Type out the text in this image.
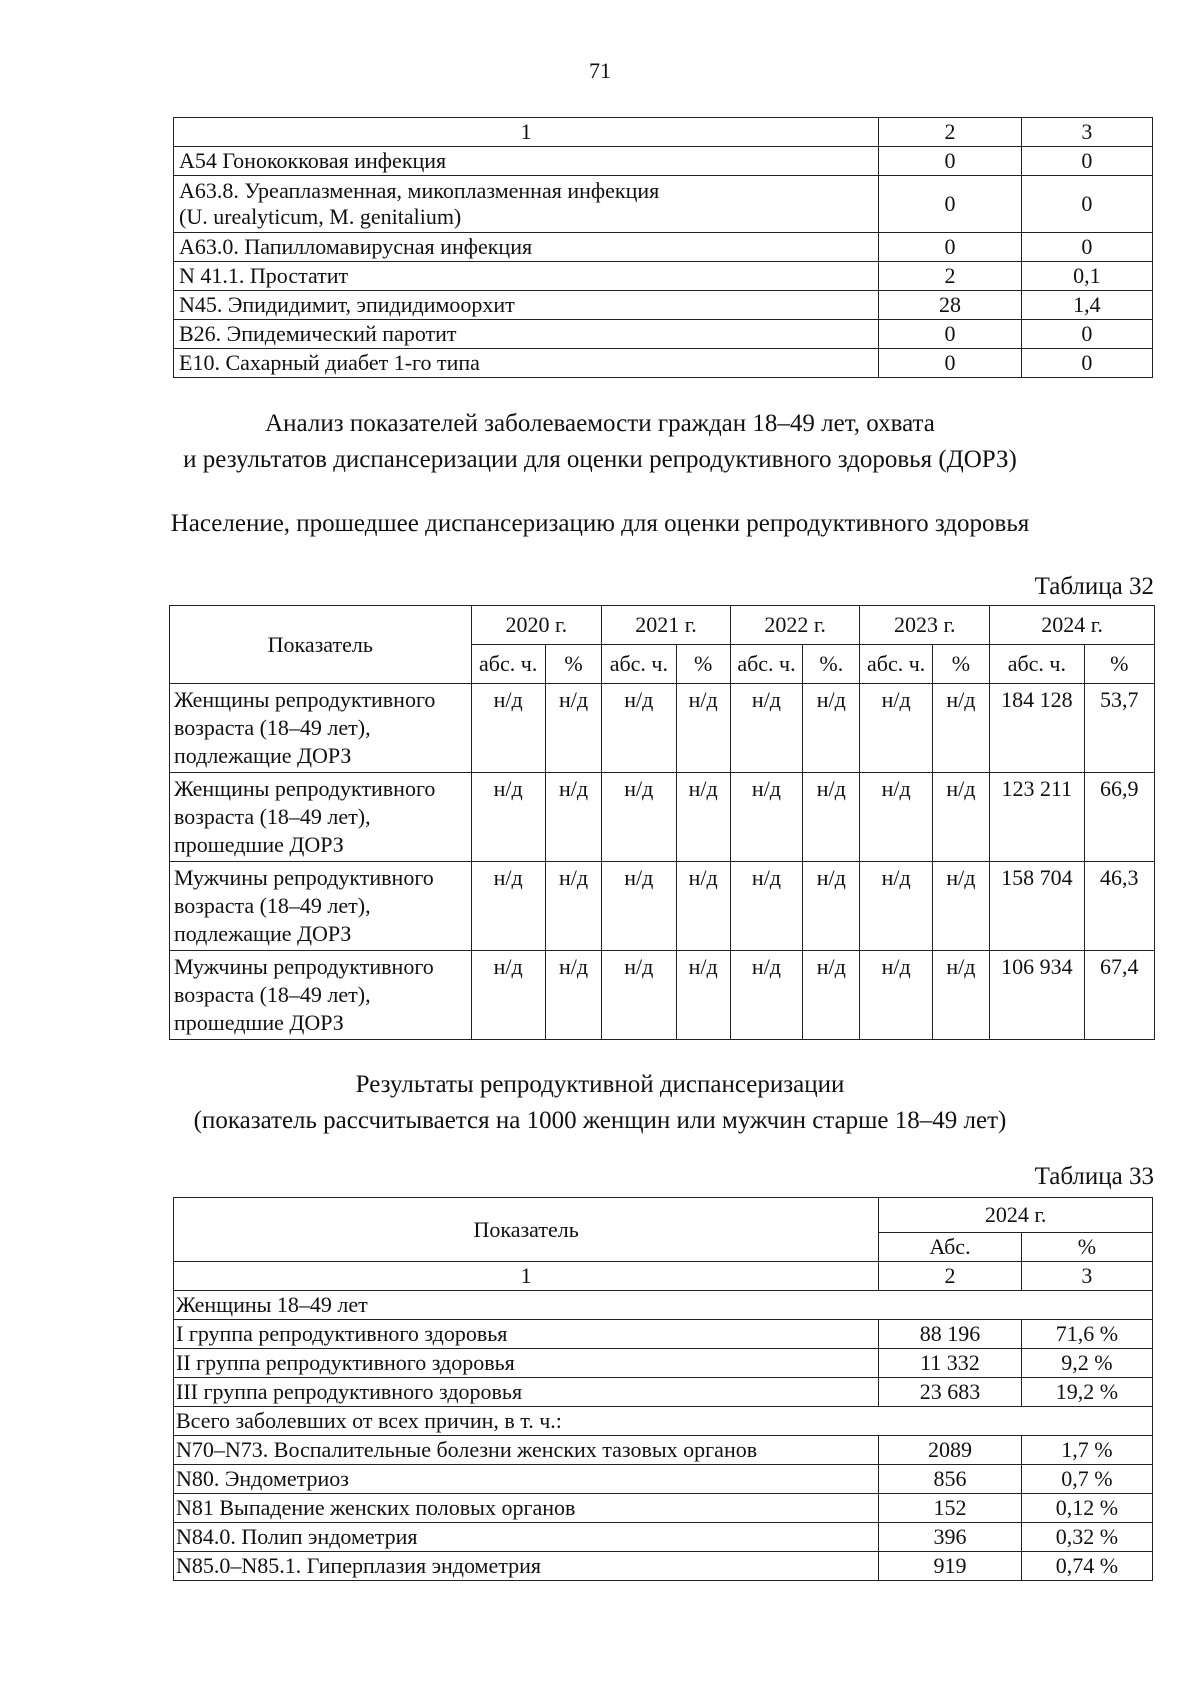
71
1	2	3
А54 Гонококковая инфекция	0	0

А63.8. Уреаплазменная, микоплазменная инфекция
(U. urealyticum, M. genitalium)	0	0
А63.0. Папилломавирусная инфекция	0	0
N 41.1. Простатит	2	0,1
N45. Эпидидимит, эпидидимоорхит	28	1,4
В26. Эпидемический паротит	0	0
Е10. Сахарный диабет 1-го типа	0	0
Анализ показателей заболеваемости граждан 18–49 лет, охвата
и результатов диспансеризации для оценки репродуктивного здоровья (ДОРЗ)
Население, прошедшее диспансеризацию для оценки репродуктивного здоровья
Таблица 32
Показатель	2020 г.		2021 г.		2022 г.		2023 г.		2024 г.	
	абс. ч.	%	абс. ч.	%	абс. ч.	%.	абс. ч.	%	абс. ч.	%

Женщины репродуктивного
возраста (18–49 лет),
подлежащие ДОРЗ	н/д	н/д	н/д	н/д	н/д	н/д	н/д	н/д	184 128	53,7

Женщины репродуктивного
возраста (18–49 лет),
прошедшие ДОРЗ	н/д	н/д	н/д	н/д	н/д	н/д	н/д	н/д	123 211	66,9

Мужчины репродуктивного
возраста (18–49 лет),
подлежащие ДОРЗ	н/д	н/д	н/д	н/д	н/д	н/д	н/д	н/д	158 704	46,3

Мужчины репродуктивного
возраста (18–49 лет),
прошедшие ДОРЗ	н/д	н/д	н/д	н/д	н/д	н/д	н/д	н/д	106 934	67,4
Результаты репродуктивной диспансеризации
(показатель рассчитывается на 1000 женщин или мужчин старше 18–49 лет)
Таблица 33
Показатель	2024 г.	
	Абс.	%
1	2	3
Женщины 18–49 лет		
I группа репродуктивного здоровья	88 196	71,6 %
II группа репродуктивного здоровья	11 332	9,2 %
III группа репродуктивного здоровья	23 683	19,2 %
Всего заболевших от всех причин, в т. ч.:		
N70–N73. Воспалительные болезни женских тазовых органов	2089	1,7 %
N80. Эндометриоз	856	0,7 %
N81 Выпадение женских половых органов	152	0,12 %
N84.0. Полип эндометрия	396	0,32 %
N85.0–N85.1. Гиперплазия эндометрия	919	0,74 %
